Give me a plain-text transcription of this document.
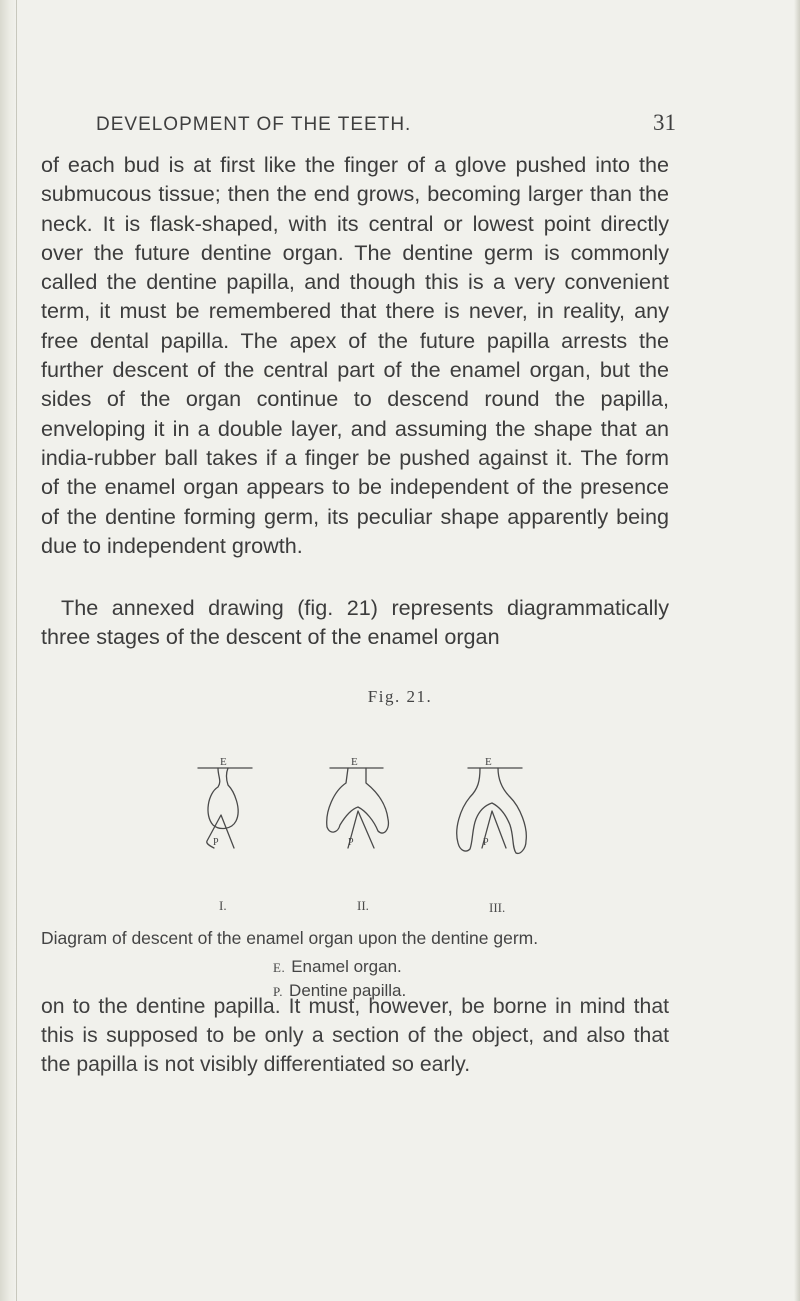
DEVELOPMENT OF THE TEETH.	31

of each bud is at first like the finger of a glove pushed into the submucous tissue; then the end grows, becoming larger than the neck. It is flask-shaped, with its central or lowest point directly over the future dentine organ. The dentine germ is commonly called the dentine papilla, and though this is a very convenient term, it must be remembered that there is never, in reality, any free dental papilla. The apex of the future papilla arrests the further descent of the central part of the enamel organ, but the sides of the organ continue to descend round the papilla, enveloping it in a double layer, and assuming the shape that an india-rubber ball takes if a finger be pushed against it. The form of the enamel organ appears to be independent of the presence of the dentine forming germ, its peculiar shape apparently being due to independent growth.

The annexed drawing (fig. 21) represents diagrammatically three stages of the descent of the enamel organ

Fig. 21.
E
P
E
P
E
P
I.	II.	III.
Diagram of descent of the enamel organ upon the dentine germ.
E. Enamel organ.
P. Dentine papilla.

on to the dentine papilla. It must, however, be borne in mind that this is supposed to be only a section of the object, and also that the papilla is not visibly differentiated so early.
